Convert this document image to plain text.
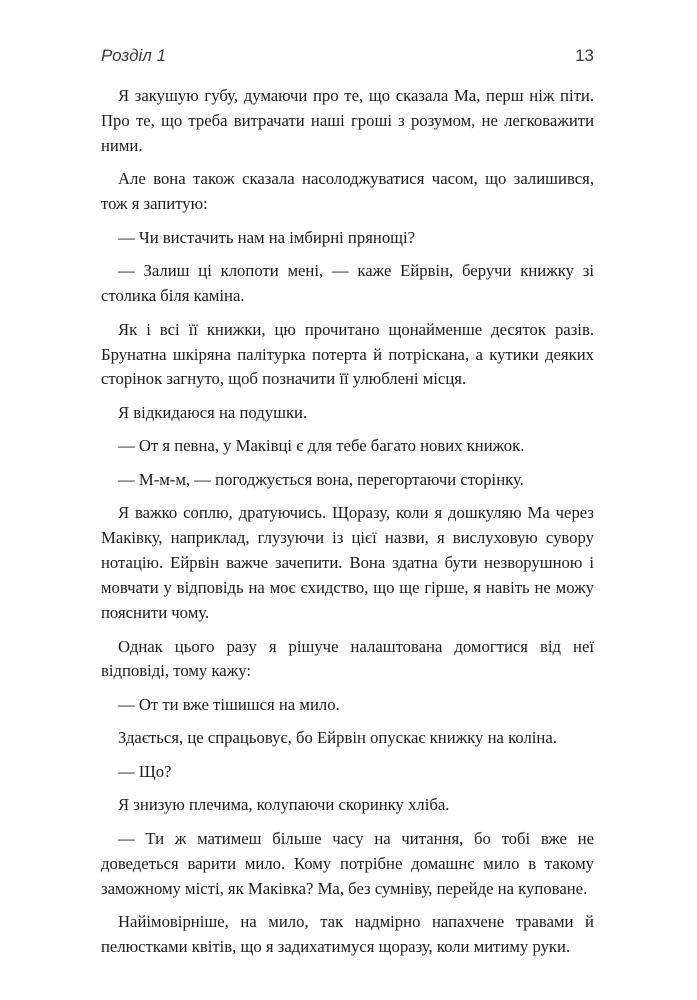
Розділ 1	13

Я закушую губу, думаючи про те, що сказала Ма, перш ніж піти. Про те, що треба витрачати наші гроші з розумом, не легковажити ними.

Але вона також сказала насолоджуватися часом, що залишився, тож я запитую:

— Чи вистачить нам на імбирні прянощі?

— Залиш ці клопоти мені, — каже Ейрвін, беручи книжку зі столика біля каміна.

Як і всі її книжки, цю прочитано щонайменше десяток разів. Брунатна шкіряна палітурка потерта й потріскана, а кутики деяких сторінок загнуто, щоб позначити її улюблені місця.

Я відкидаюся на подушки.

— От я певна, у Маківці є для тебе багато нових книжок.

— М-м-м, — погоджується вона, перегортаючи сторінку.

Я важко соплю, дратуючись. Щоразу, коли я дошкуляю Ма через Маківку, наприклад, глузуючи із цієї назви, я вислуховую сувору нотацію. Ейрвін важче зачепити. Вона здатна бути незворушною і мовчати у відповідь на моє єхидство, що ще гірше, я навіть не можу пояснити чому.

Однак цього разу я рішуче налаштована домогтися від неї відповіді, тому кажу:

— От ти вже тішишся на мило.

Здається, це спрацьовує, бо Ейрвін опускає книжку на коліна.

— Що?

Я знизую плечима, колупаючи скоринку хліба.

— Ти ж матимеш більше часу на читання, бо тобі вже не доведеться варити мило. Кому потрібне домашнє мило в такому заможному місті, як Маківка? Ма, без сумніву, перейде на куповане.

Найімовірніше, на мило, так надмірно напахчене травами й пелюстками квітів, що я задихатимуся щоразу, коли митиму руки.
